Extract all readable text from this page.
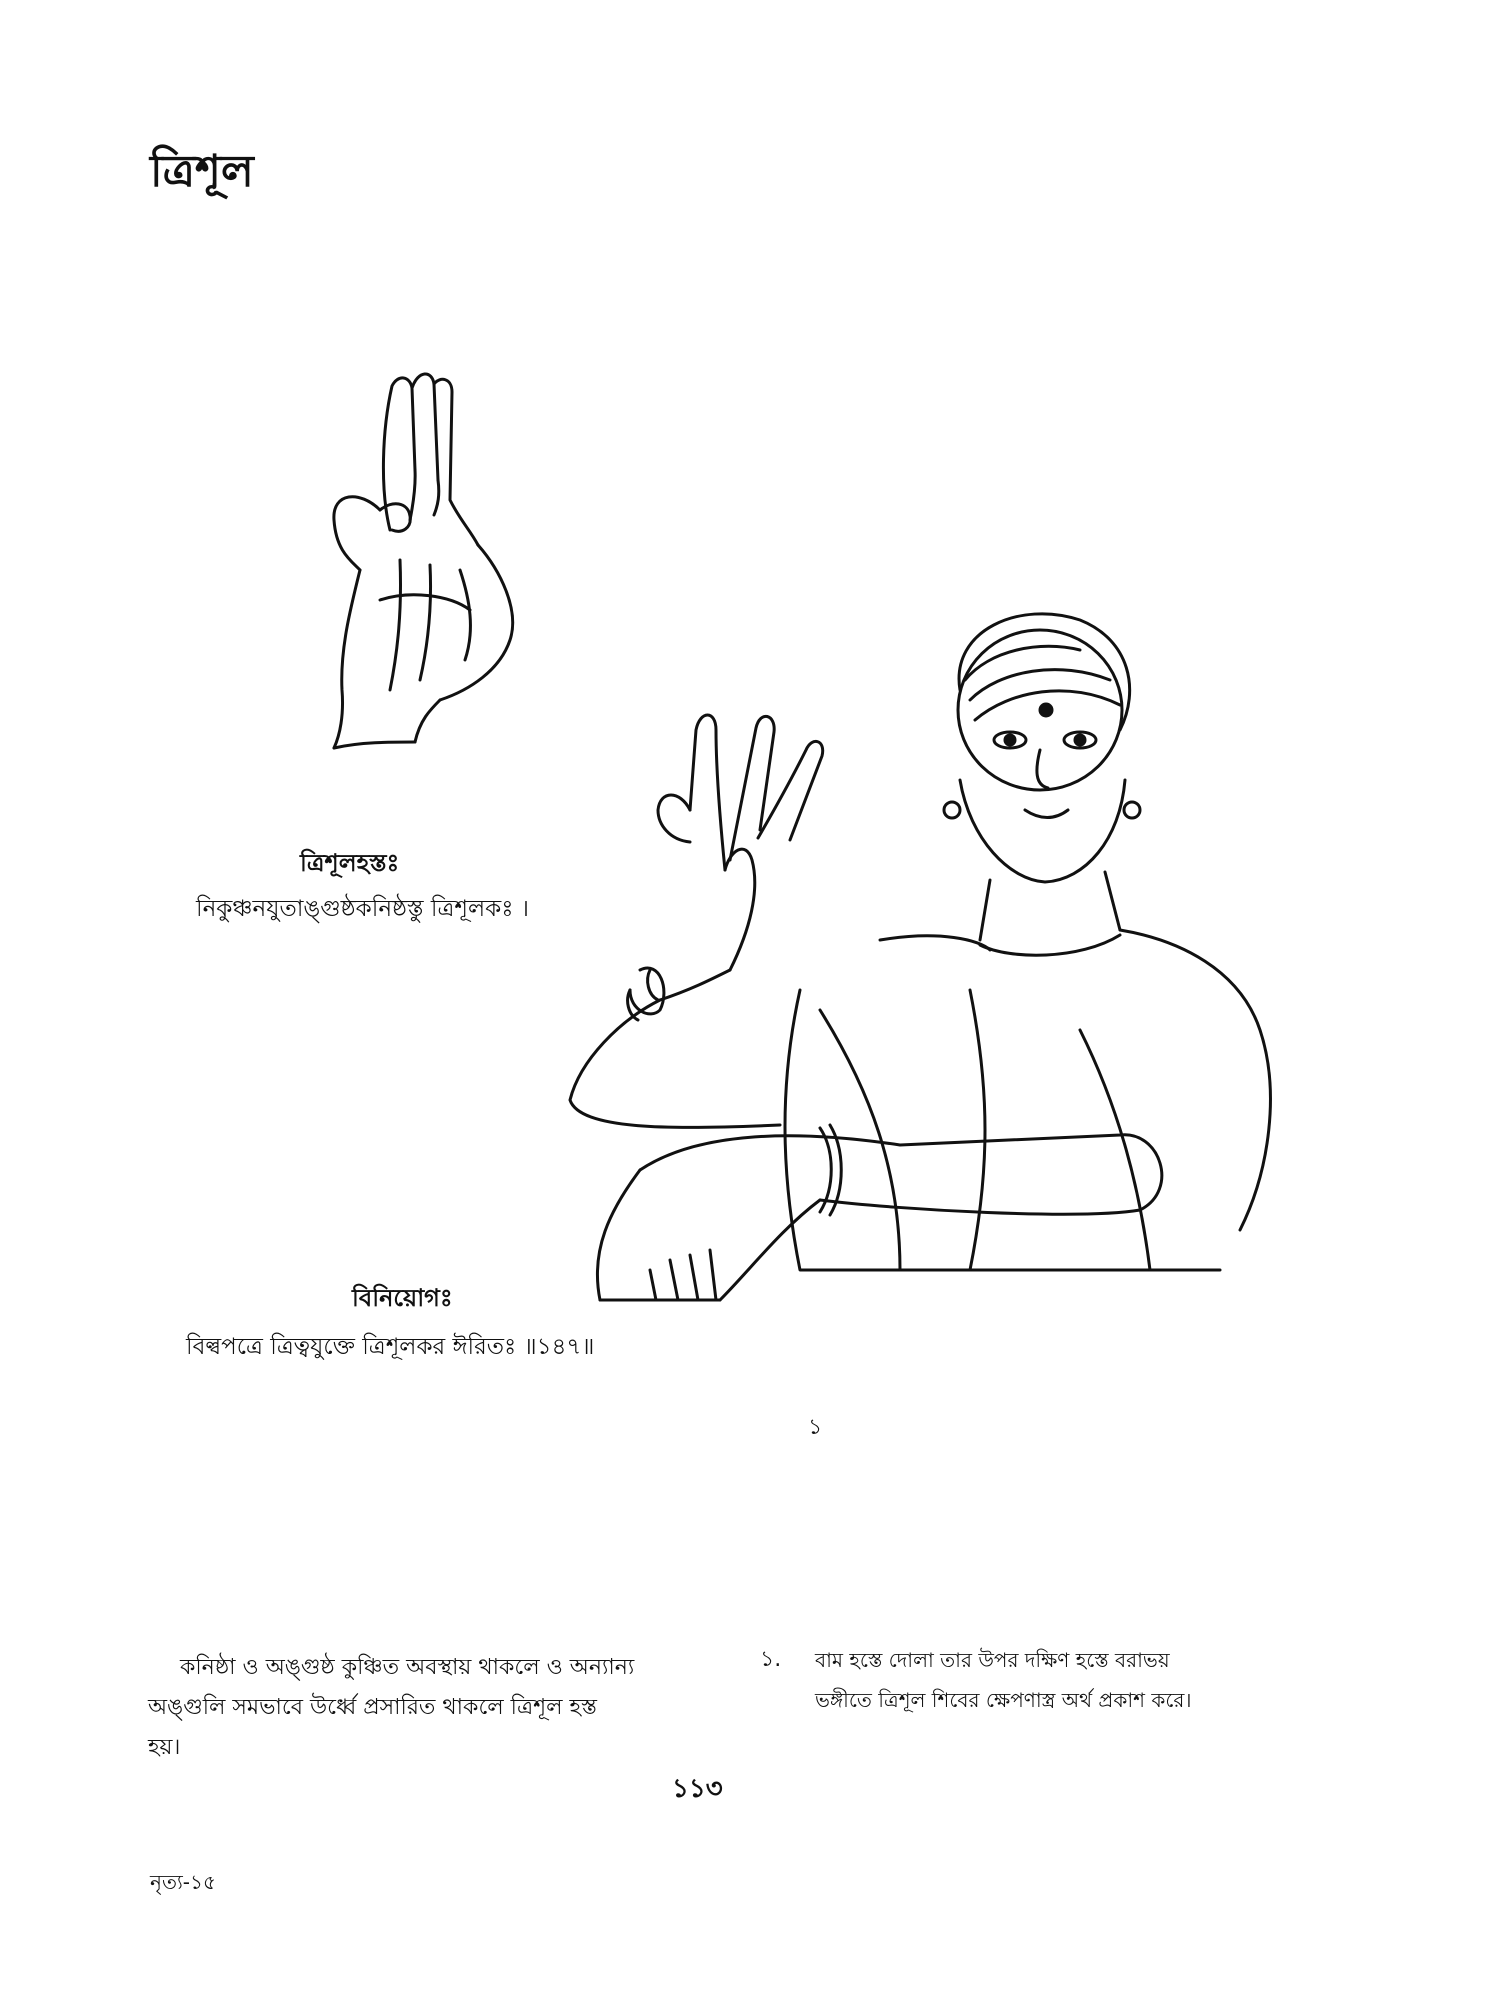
ত্রিশূল
ত্রিশূলহস্তঃ
নিকুঞ্চনযুতাঙ্গুষ্ঠকনিষ্ঠস্তু ত্রিশূলকঃ ।
বিনিয়োগঃ
বিল্বপত্রে ত্রিত্বযুক্তে ত্রিশূলকর ঈরিতঃ ॥১৪৭॥
১
কনিষ্ঠা ও অঙ্গুষ্ঠ কুঞ্চিত অবস্থায় থাকলে ও অন্যান্য
অঙ্গুলি সমভাবে উর্ধ্বে প্রসারিত থাকলে ত্রিশূল হস্ত
হয়।
১. বাম হস্তে দোলা তার উপর দক্ষিণ হস্তে বরাভয়
ভঙ্গীতে ত্রিশূল শিবের ক্ষেপণাস্ত্র অর্থ প্রকাশ করে।
১১৩
নৃত্য-১৫
